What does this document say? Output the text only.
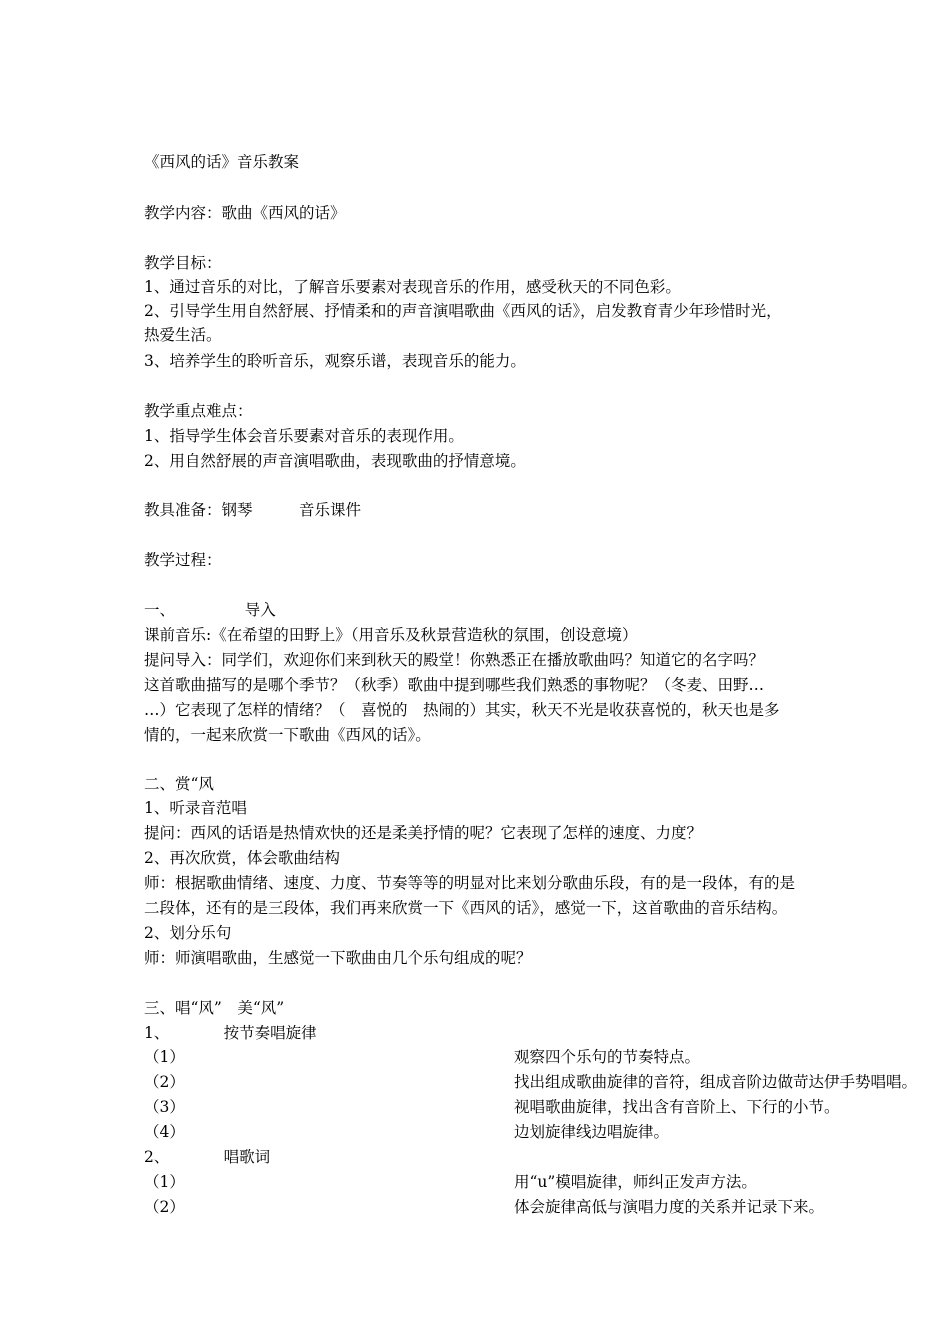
《西风的话》音乐教案
教学内容：歌曲《西风的话》
教学目标：
1、通过音乐的对比，了解音乐要素对表现音乐的作用，感受秋天的不同色彩。
2、引导学生用自然舒展、抒情柔和的声音演唱歌曲《西风的话》，启发教育青少年珍惜时光，
热爱生活。
3、培养学生的聆听音乐，观察乐谱，表现音乐的能力。
教学重点难点：
1、指导学生体会音乐要素对音乐的表现作用。
2、用自然舒展的声音演唱歌曲，表现歌曲的抒情意境。
教具准备：钢琴　　　音乐课件
教学过程：
一、　　　　　导入
课前音乐:《在希望的田野上》（用音乐及秋景营造秋的氛围，创设意境）
提问导入：同学们，欢迎你们来到秋天的殿堂！你熟悉正在播放歌曲吗？知道它的名字吗？
这首歌曲描写的是哪个季节？（秋季）歌曲中提到哪些我们熟悉的事物呢？（冬麦、田野…
…）它表现了怎样的情绪？（　喜悦的　热闹的）其实，秋天不光是收获喜悦的，秋天也是多
情的，一起来欣赏一下歌曲《西风的话》。
二、赏“风
1、听录音范唱
提问：西风的话语是热情欢快的还是柔美抒情的呢？它表现了怎样的速度、力度？
2、再次欣赏，体会歌曲结构
师：根据歌曲情绪、速度、力度、节奏等等的明显对比来划分歌曲乐段，有的是一段体，有的是
二段体，还有的是三段体，我们再来欣赏一下《西风的话》，感觉一下，这首歌曲的音乐结构。
2、划分乐句
师：师演唱歌曲，生感觉一下歌曲由几个乐句组成的呢？
三、唱“风”　美“风”
1、　　　　按节奏唱旋律
（1）	观察四个乐句的节奏特点。
（2）	找出组成歌曲旋律的音符，组成音阶边做苛达伊手势唱唱。
（3）	视唱歌曲旋律，找出含有音阶上、下行的小节。
（4）	边划旋律线边唱旋律。
2、　　　　唱歌词
（1）	用“u”模唱旋律，师纠正发声方法。
（2）	体会旋律高低与演唱力度的关系并记录下来。
